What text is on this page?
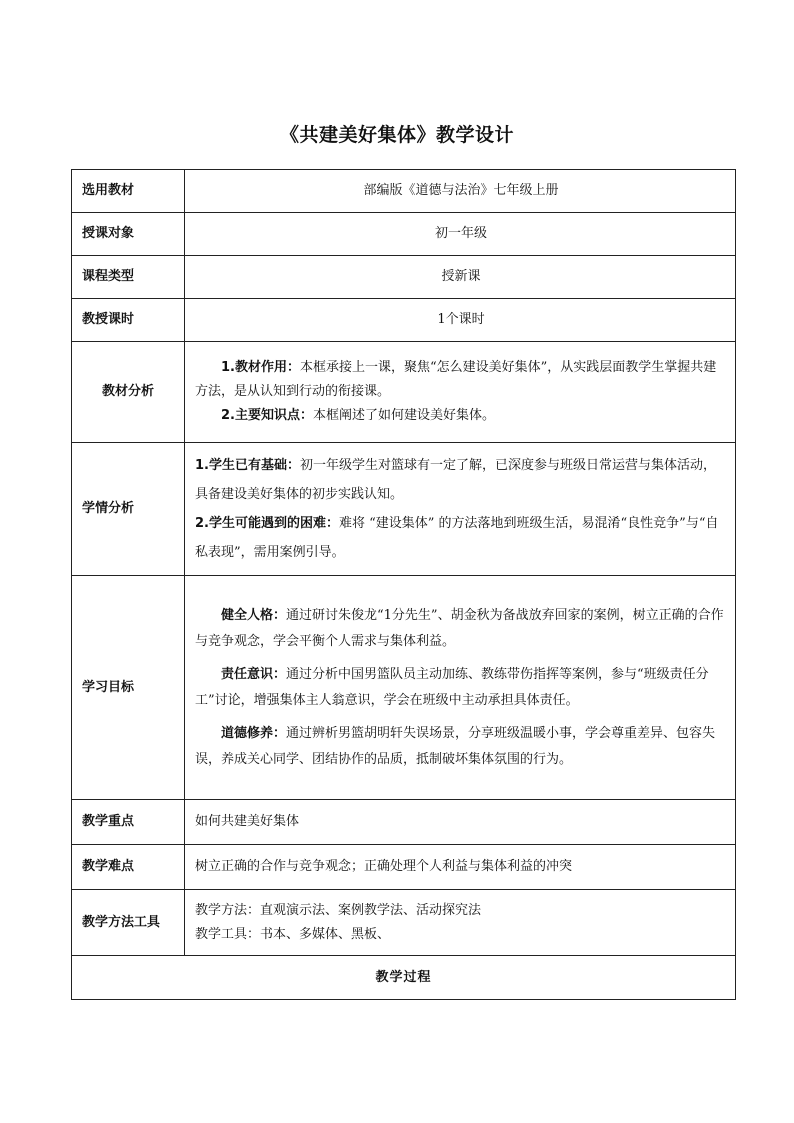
《共建美好集体》教学设计
选用教材	部编版《道德与法治》七年级上册
授课对象	初一年级
课程类型	授新课
教授课时	1个课时
教材分析	1.教材作用：本框承接上一课，聚焦“怎么建设美好集体”，从实践层面教学生掌握共建方法，是从认知到行动的衔接课。

2.主要知识点：本框阐述了如何建设美好集体。

学情分析	1.学生已有基础：初一年级学生对篮球有一定了解，已深度参与班级日常运营与集体活动，具备建设美好集体的初步实践认知。

2.学生可能遇到的困难：难将 “建设集体” 的方法落地到班级生活，易混淆“良性竞争”与“自私表现”，需用案例引导。

学习目标	健全人格：通过研讨朱俊龙“1分先生”、胡金秋为备战放弃回家的案例，树立正确的合作与竞争观念，学会平衡个人需求与集体利益。

责任意识：通过分析中国男篮队员主动加练、教练带伤指挥等案例，参与“班级责任分工”讨论，增强集体主人翁意识，学会在班级中主动承担具体责任。

道德修养：通过辨析男篮胡明轩失误场景，分享班级温暖小事，学会尊重差异、包容失误，养成关心同学、团结协作的品质，抵制破坏集体氛围的行为。

教学重点	如何共建美好集体
教学难点	树立正确的合作与竞争观念；正确处理个人利益与集体利益的冲突
教学方法工具	教学方法：直观演示法、案例教学法、活动探究法
教学工具：书本、多媒体、黑板、

教学过程	
